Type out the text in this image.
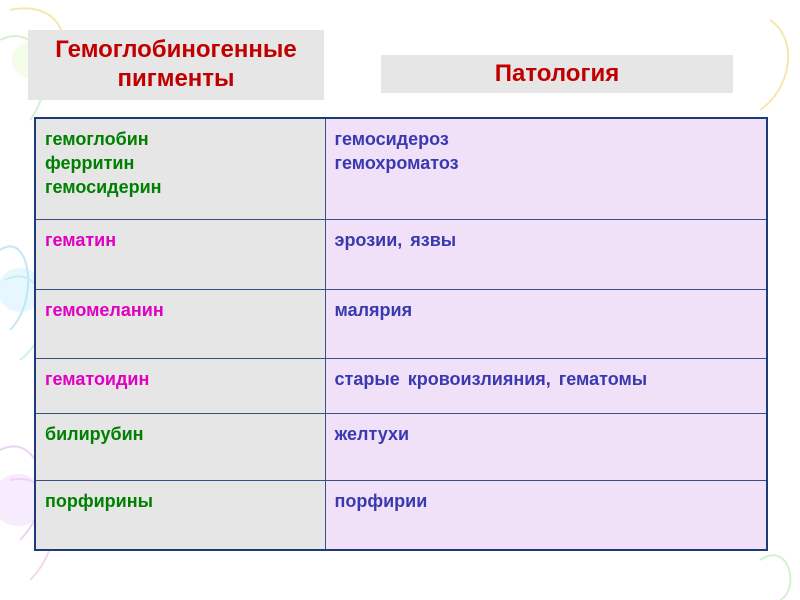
Гемоглобиногенные пигменты	Патология
гемоглобин
ферритин
гемосидерин	гемосидероз
гемохроматоз

гематин	эрозии, язвы

гемомеланин	малярия

гематоидин	старые кровоизлияния, гематомы

билирубин	желтухи

порфирины	порфирии
